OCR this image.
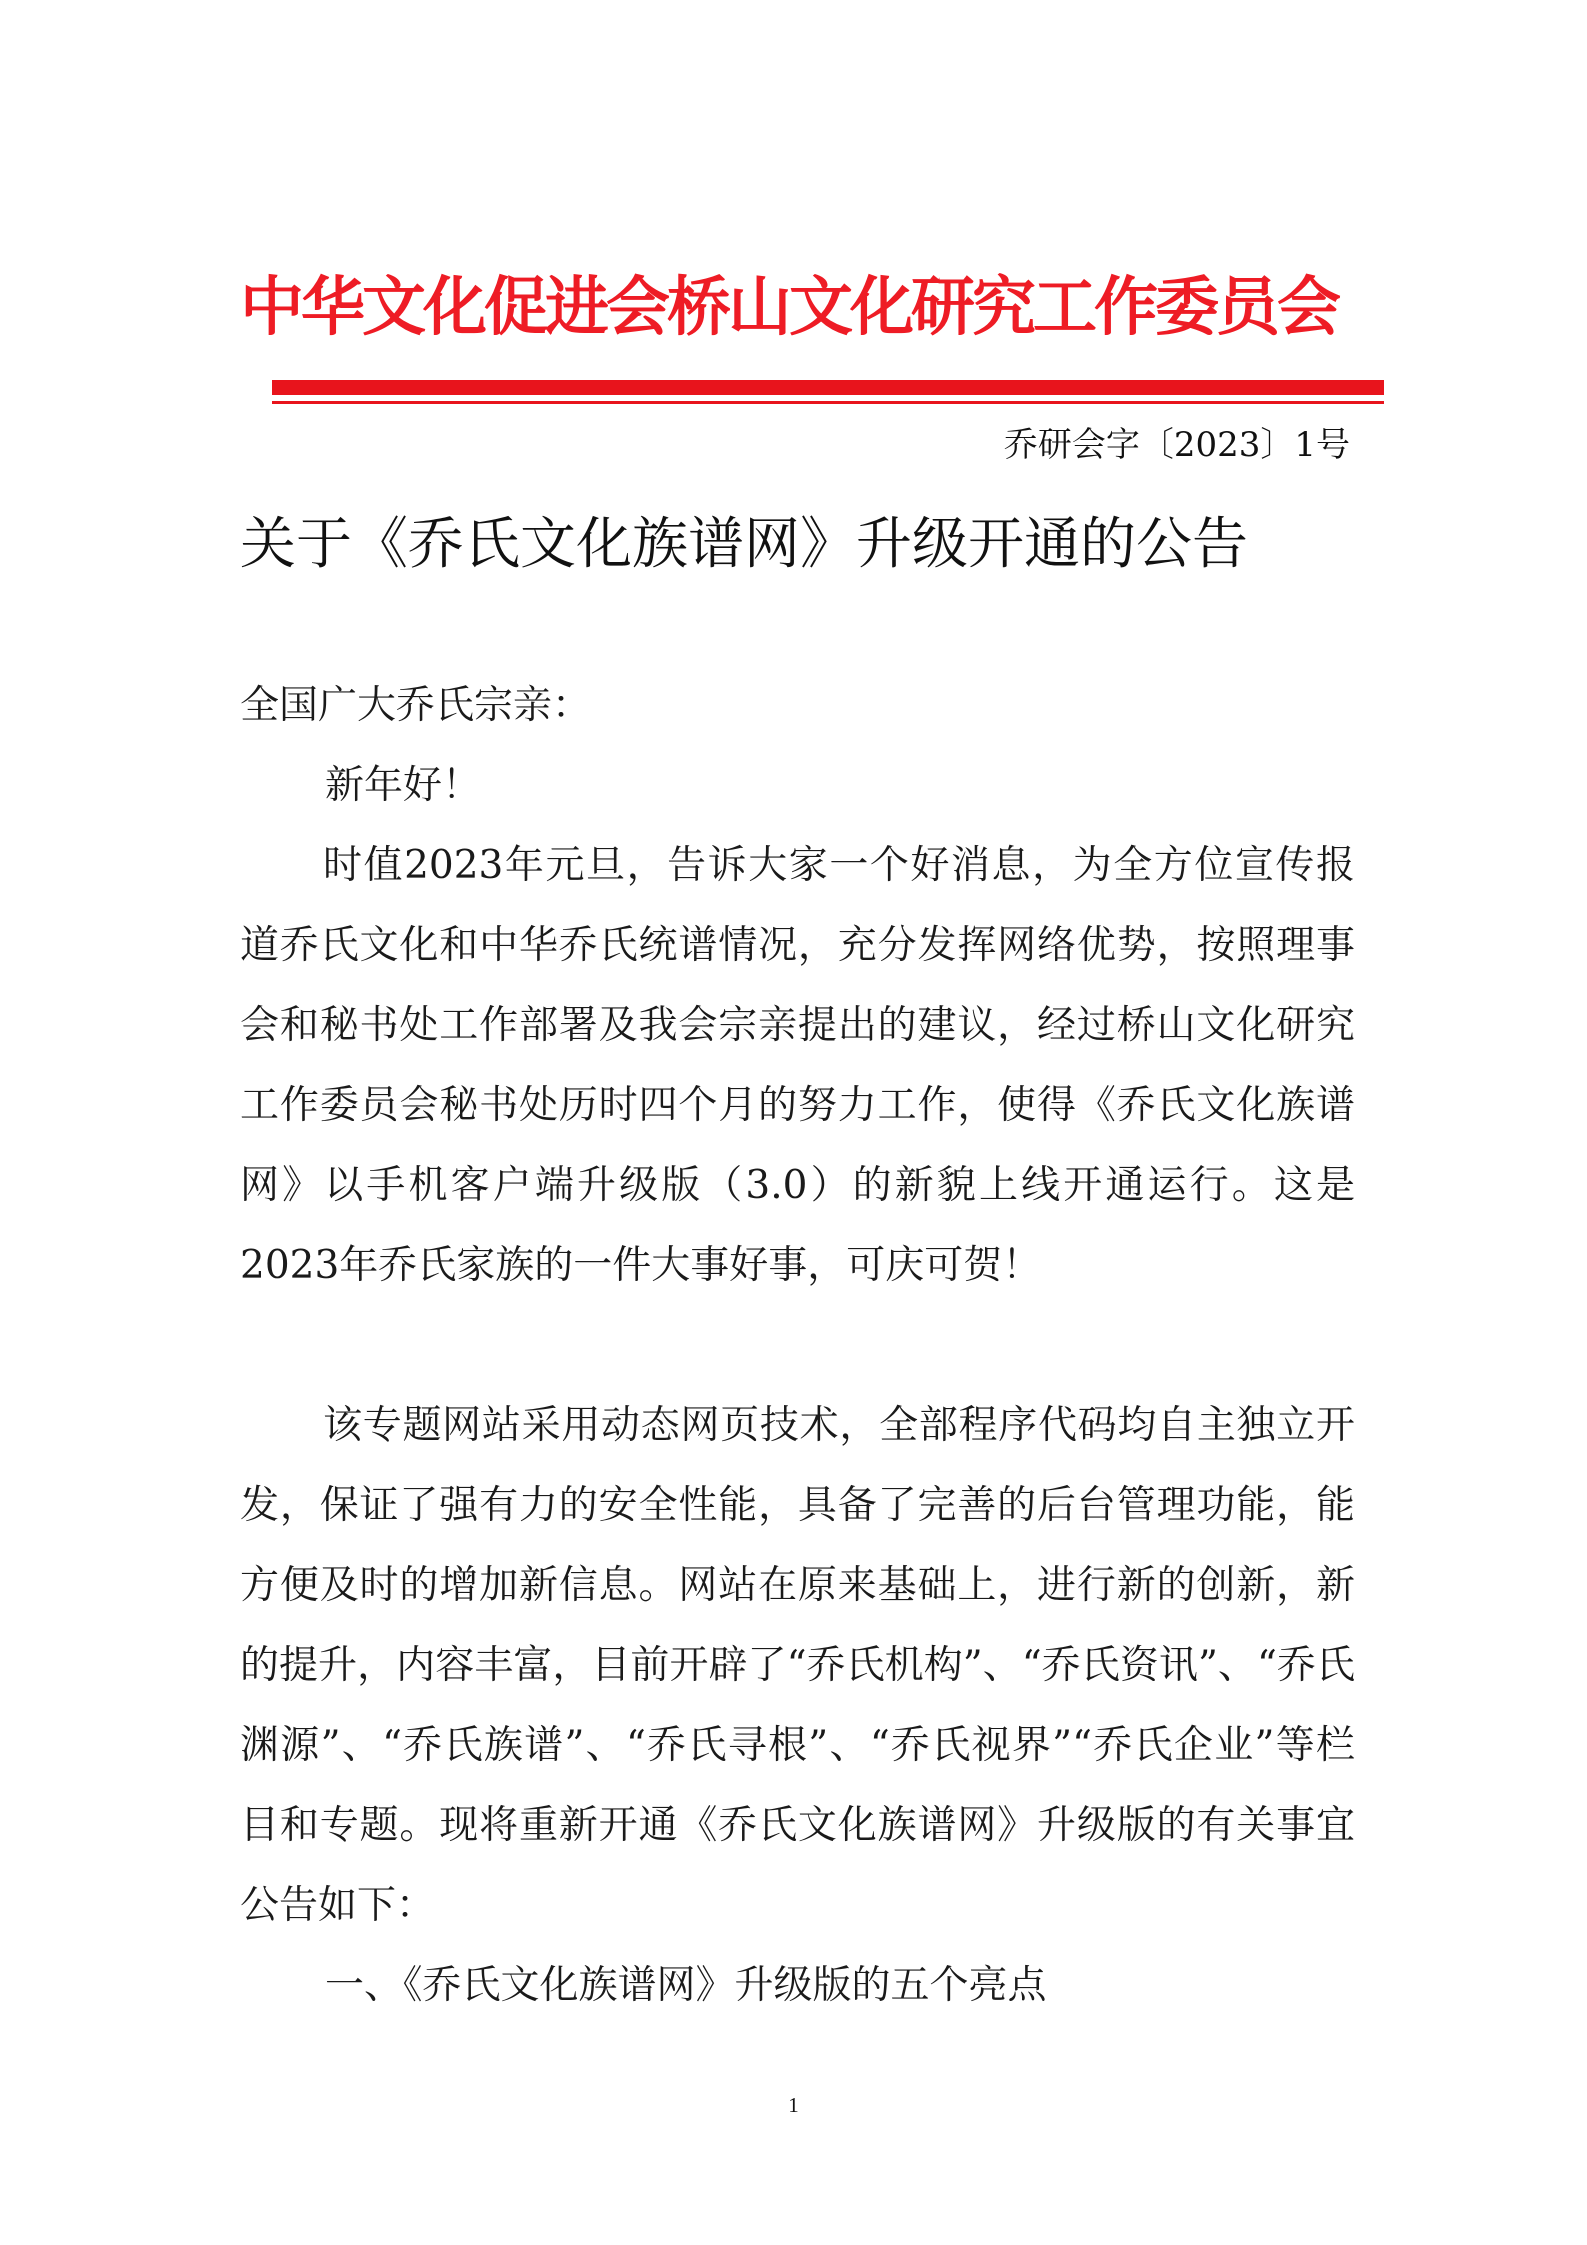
中华文化促进会桥山文化研究工作委员会
乔研会字〔2023〕1号
关于《乔氏文化族谱网》升级开通的公告
全国广大乔氏宗亲：
新年好！
时值2023年元旦，告诉大家一个好消息，为全方位宣传报道乔氏文化和中华乔氏统谱情况，充分发挥网络优势，按照理事会和秘书处工作部署及我会宗亲提出的建议，经过桥山文化研究工作委员会秘书处历时四个月的努力工作，使得《乔氏文化族谱网》以手机客户端升级版（3.0）的新貌上线开通运行。这是2023年乔氏家族的一件大事好事，可庆可贺！
该专题网站采用动态网页技术，全部程序代码均自主独立开发，保证了强有力的安全性能，具备了完善的后台管理功能，能方便及时的增加新信息。网站在原来基础上，进行新的创新，新的提升，内容丰富，目前开辟了“乔氏机构”、“乔氏资讯”、“乔氏渊源”、“乔氏族谱”、“乔氏寻根”、“乔氏视界”“乔氏企业”等栏目和专题。现将重新开通《乔氏文化族谱网》升级版的有关事宜公告如下：
一、《乔氏文化族谱网》升级版的五个亮点
1
